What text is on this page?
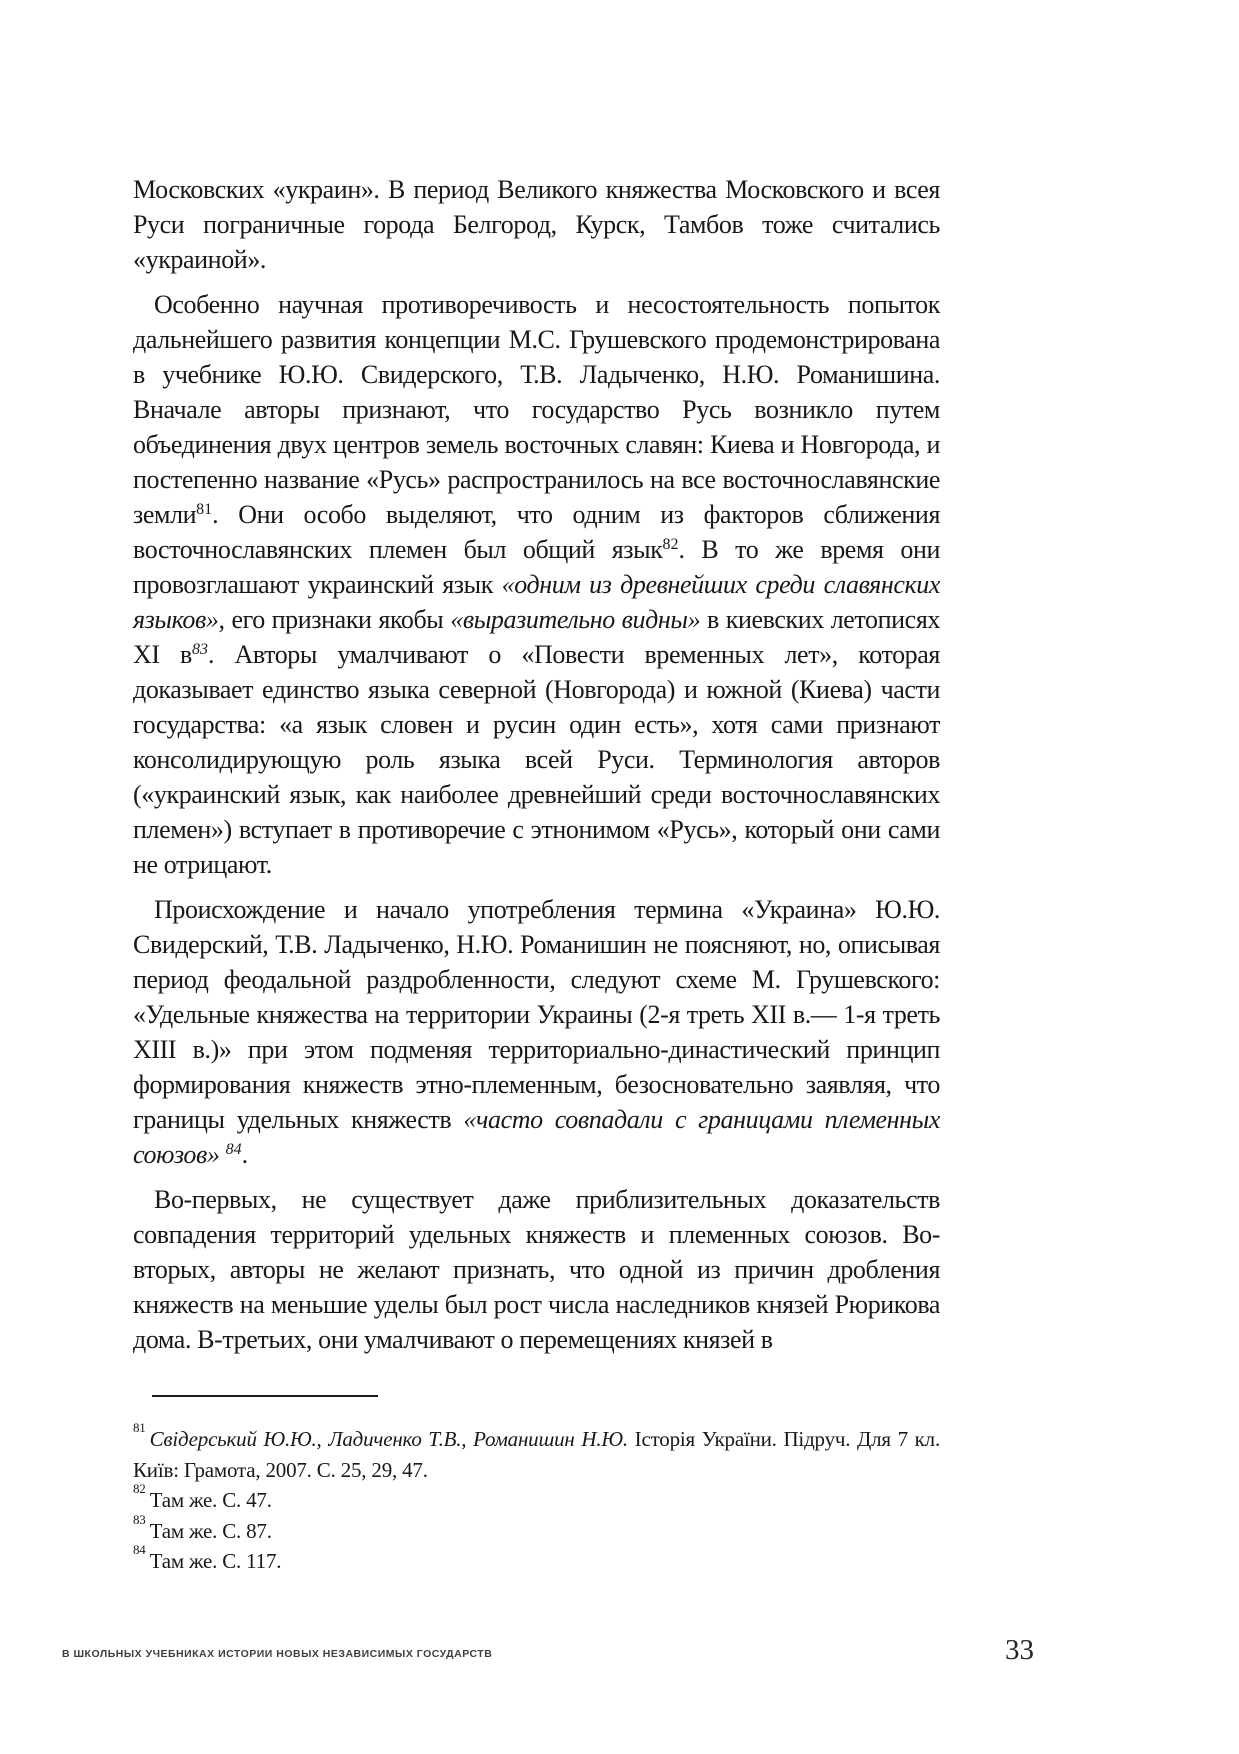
Московских «украин». В период Великого княжества Московского и всея Руси пограничные города Белгород, Курск, Тамбов тоже считались «украиной».

Особенно научная противоречивость и несостоятельность попыток дальнейшего развития концепции М.С. Грушевского продемонстрирована в учебнике Ю.Ю. Свидерского, Т.В. Ладыченко, Н.Ю. Романишина. Вначале авторы признают, что государство Русь возникло путем объединения двух центров земель восточных славян: Киева и Новгорода, и постепенно название «Русь» распространилось на все восточнославянские земли$^{81}$. Они особо выделяют, что одним из факторов сближения восточнославянских племен был общий язык$^{82}$. В то же время они провозглашают украинский язык «одним из древнейших среди славянских языков», его признаки якобы «выразительно видны» в киевских летописях XI $в^{83}$. Авторы умалчивают о «Повести временных лет», которая доказывает единство языка северной (Новгорода) и южной (Киева) части государства: «а язык словен и русин один есть», хотя сами признают консолидирующую роль языка всей Руси. Терминология авторов («украинский язык, как наиболее древнейший среди восточнославянских племен») вступает в противоречие с этнонимом «Русь», который они сами не отрицают.

Происхождение и начало употребления термина «Украина» Ю.Ю. Свидерский, Т.В. Ладыченко, Н.Ю. Романишин не поясняют, но, описывая период феодальной раздробленности, следуют схеме М. Грушевского: «Удельные княжества на территории Украины (2-я треть XII в.— 1-я треть XIII в.)» при этом подменяя территориально-династический принцип формирования княжеств этно-племенным, безосновательно заявляя, что границы удельных княжеств «часто совпадали с границами племенных союзов» $^{84}$.

Во-первых, не существует даже приблизительных доказательств совпадения территорий удельных княжеств и племенных союзов. Во-вторых, авторы не желают признать, что одной из причин дробления княжеств на меньшие уделы был рост числа наследников князей Рюрикова дома. В-третьих, они умалчивают о перемещениях князей в

$^{81}$ Свідерський Ю.Ю., Ладиченко Т.В., Романишин Н.Ю. Історія України. Підруч. Для 7 кл. Київ: Грамота, 2007. С. 25, 29, 47.

$^{82}$ Там же. С. 47.

$^{83}$ Там же. С. 87.

$^{84}$ Там же. С. 117.

В ШКОЛЬНЫХ УЧЕБНИКАХ ИСТОРИИ НОВЫХ НЕЗАВИСИМЫХ ГОСУДАРСТВ	33
